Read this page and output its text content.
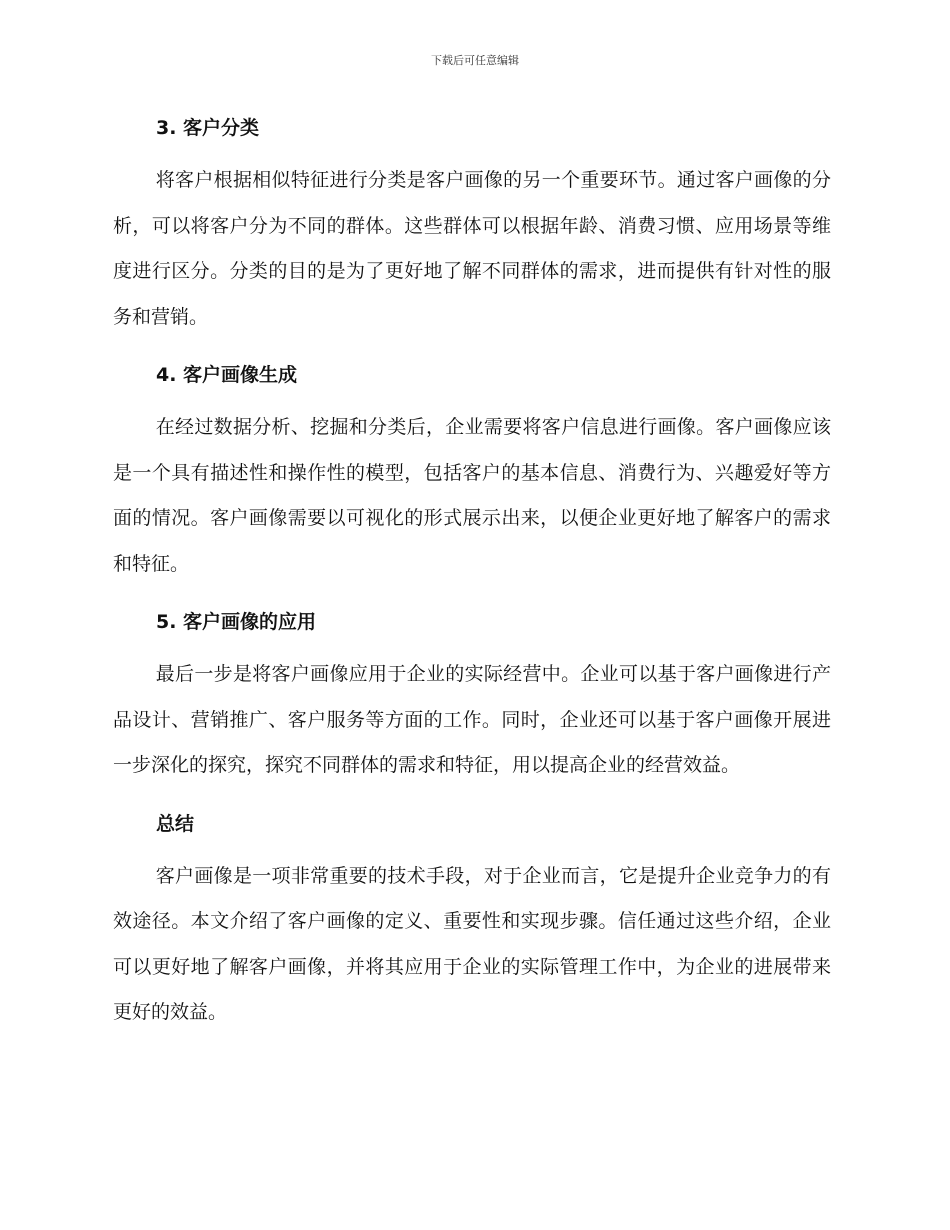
下载后可任意编辑
3. 客户分类
将客户根据相似特征进行分类是客户画像的另一个重要环节。通过客户画像的分析，可以将客户分为不同的群体。这些群体可以根据年龄、消费习惯、应用场景等维度进行区分。分类的目的是为了更好地了解不同群体的需求，进而提供有针对性的服务和营销。
4. 客户画像生成
在经过数据分析、挖掘和分类后，企业需要将客户信息进行画像。客户画像应该是一个具有描述性和操作性的模型，包括客户的基本信息、消费行为、兴趣爱好等方面的情况。客户画像需要以可视化的形式展示出来，以便企业更好地了解客户的需求和特征。
5. 客户画像的应用
最后一步是将客户画像应用于企业的实际经营中。企业可以基于客户画像进行产品设计、营销推广、客户服务等方面的工作。同时，企业还可以基于客户画像开展进一步深化的探究，探究不同群体的需求和特征，用以提高企业的经营效益。
总结
客户画像是一项非常重要的技术手段，对于企业而言，它是提升企业竞争力的有效途径。本文介绍了客户画像的定义、重要性和实现步骤。信任通过这些介绍，企业可以更好地了解客户画像，并将其应用于企业的实际管理工作中，为企业的进展带来更好的效益。
